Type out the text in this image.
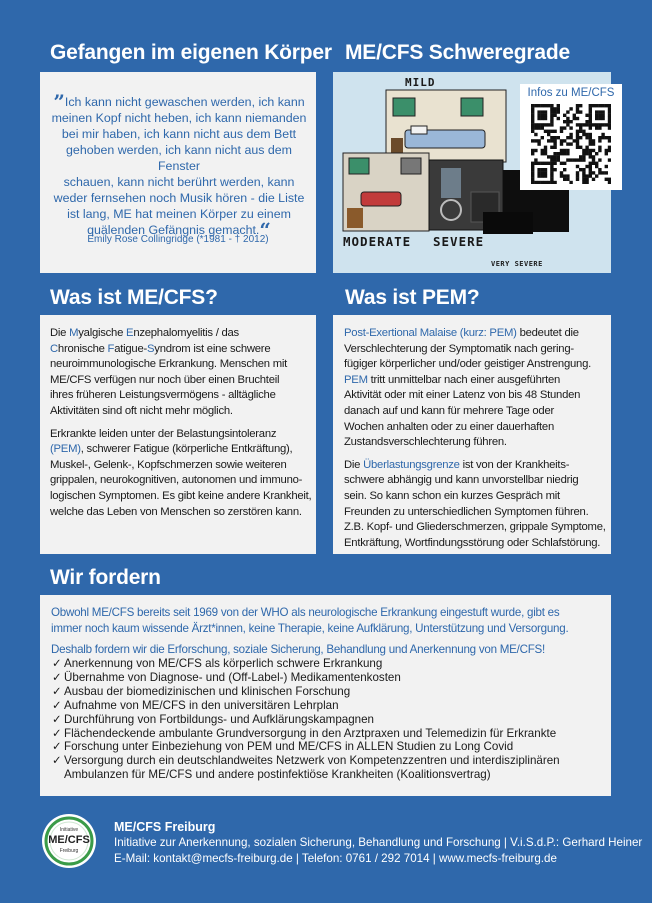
Gefangen im eigenen Körper
”Ich kann nicht gewaschen werden, ich kann
meinen Kopf nicht heben, ich kann niemanden
bei mir haben, ich kann nicht aus dem Bett
gehoben werden, ich kann nicht aus dem Fenster
schauen, kann nicht berührt werden, kann
weder fernsehen noch Musik hören - die Liste
ist lang, ME hat meinen Körper zu einem
quälenden Gefängnis gemacht.“
Emily Rose Collingridge (*1981 - † 2012)
ME/CFS Schweregrade
MILD
MODERATE SEVERE
VERY SEVERE
Infos zu ME/CFS
Was ist ME/CFS?

Die Myalgische Enzephalomyelitis / das
Chronische Fatigue-Syndrom ist eine schwere
neuroimmunologische Erkrankung. Menschen mit
ME/CFS verfügen nur noch über einen Bruchteil
ihres früheren Leistungsvermögens - alltägliche
Aktivitäten sind oft nicht mehr möglich.

Erkrankte leiden unter der Belastungsintoleranz
(PEM), schwerer Fatigue (körperliche Entkräftung),
Muskel-, Gelenk-, Kopfschmerzen sowie weiteren
grippalen, neurokognitiven, autonomen und immuno-
logischen Symptomen. Es gibt keine andere Krankheit,
welche das Leben von Menschen so zerstören kann.

Was ist PEM?

Post-Exertional Malaise (kurz: PEM) bedeutet die
Verschlechterung der Symptomatik nach gering-
fügiger körperlicher und/oder geistiger Anstrengung.
PEM tritt unmittelbar nach einer ausgeführten
Aktivität oder mit einer Latenz von bis 48 Stunden
danach auf und kann für mehrere Tage oder
Wochen anhalten oder zu einer dauerhaften
Zustandsverschlechterung führen.

Die Überlastungsgrenze ist von der Krankheits-
schwere abhängig und kann unvorstellbar niedrig
sein. So kann schon ein kurzes Gespräch mit
Freunden zu unterschiedlichen Symptomen führen.
Z.B. Kopf- und Gliederschmerzen, grippale Symptome,
Entkräftung, Wortfindungsstörung oder Schlafstörung.

Wir fordern
Obwohl ME/CFS bereits seit 1969 von der WHO als neurologische Erkrankung eingestuft wurde, gibt es
immer noch kaum wissende Ärzt*innen, keine Therapie, keine Aufklärung, Unterstützung und Versorgung.
Deshalb fordern wir die Erforschung, soziale Sicherung, Behandlung und Anerkennung von ME/CFS!
✓ Anerkennung von ME/CFS als körperlich schwere Erkrankung
✓ Übernahme von Diagnose- und (Off-Label-) Medikamentenkosten
✓ Ausbau der biomedizinischen und klinischen Forschung
✓ Aufnahme von ME/CFS in den universitären Lehrplan
✓ Durchführung von Fortbildungs- und Aufklärungskampagnen
✓ Flächendeckende ambulante Grundversorgung in den Arztpraxen und Telemedizin für Erkrankte
✓ Forschung unter Einbeziehung von PEM und ME/CFS in ALLEN Studien zu Long Covid
✓ Versorgung durch ein deutschlandweites Netzwerk von Kompetenzzentren und interdisziplinären
Ambulanzen für ME/CFS und andere postinfektiöse Krankheiten (Koalitionsvertrag)
Initiative
ME/CFS
Freiburg
ME/CFS Freiburg
Initiative zur Anerkennung, sozialen Sicherung, Behandlung und Forschung | V.i.S.d.P.: Gerhard Heiner
E-Mail: kontakt@mecfs-freiburg.de | Telefon: 0761 / 292 7014 | www.mecfs-freiburg.de
